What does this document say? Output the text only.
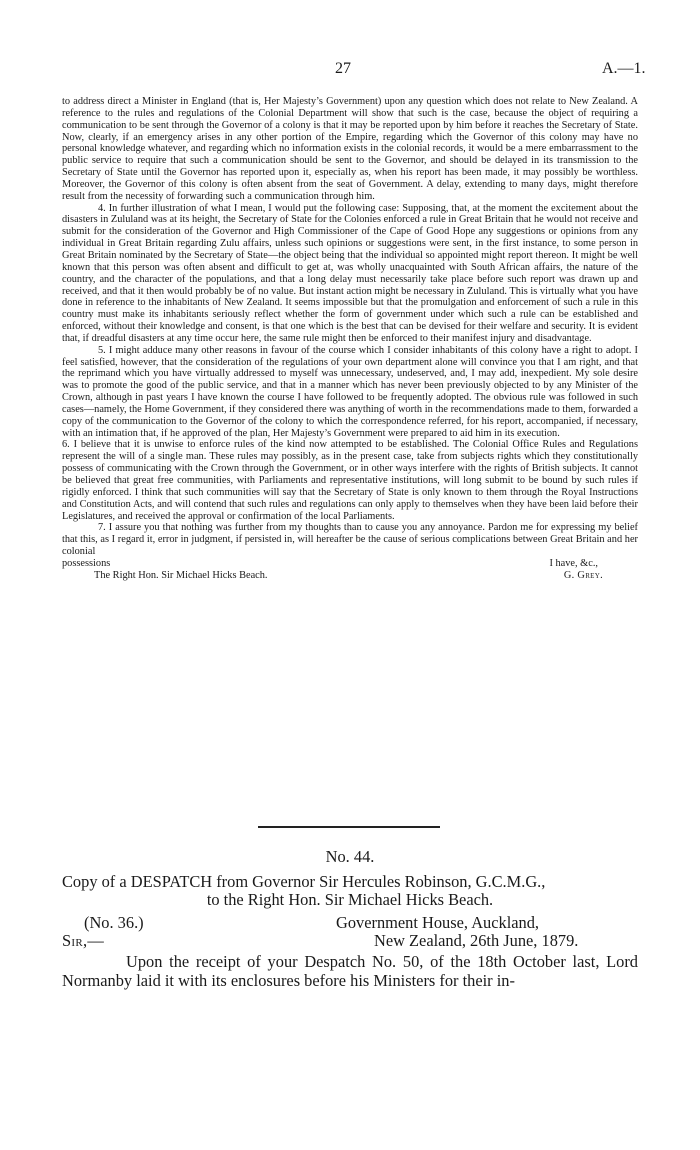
27	A.—1.

to address direct a Minister in England (that is, Her Majesty’s Government) upon any question which does not relate to New Zealand. A reference to the rules and regulations of the Colonial Department will show that such is the case, because the object of requiring a communication to be sent through the Governor of a colony is that it may be reported upon by him before it reaches the Secretary of State. Now, clearly, if an emergency arises in any other portion of the Empire, regarding which the Governor of this colony may have no personal knowledge whatever, and regarding which no information exists in the colonial records, it would be a mere embarrassment to the public service to require that such a communication should be sent to the Governor, and should be delayed in its transmission to the Secretary of State until the Governor has reported upon it, especially as, when his report has been made, it may possibly be worthless. Moreover, the Governor of this colony is often absent from the seat of Government. A delay, extending to many days, might therefore result from the necessity of forwarding such a communication through him.

4. In further illustration of what I mean, I would put the following case: Supposing, that, at the moment the excitement about the disasters in Zululand was at its height, the Secretary of State for the Colonies enforced a rule in Great Britain that he would not receive and submit for the consideration of the Governor and High Commissioner of the Cape of Good Hope any suggestions or opinions from any individual in Great Britain regarding Zulu affairs, unless such opinions or suggestions were sent, in the first instance, to some person in Great Britain nominated by the Secretary of State—the object being that the individual so appointed might report thereon. It might be well known that this person was often absent and difficult to get at, was wholly unacquainted with South African affairs, the nature of the country, and the character of the populations, and that a long delay must necessarily take place before such report was drawn up and received, and that it then would probably be of no value. But instant action might be necessary in Zululand. This is virtually what you have done in reference to the inhabitants of New Zealand. It seems impossible but that the promulgation and enforcement of such a rule in this country must make its inhabitants seriously reflect whether the form of government under which such a rule can be established and enforced, without their knowledge and consent, is that one which is the best that can be devised for their welfare and security. It is evident that, if dreadful disasters at any time occur here, the same rule might then be enforced to their manifest injury and disadvantage.

5. I might adduce many other reasons in favour of the course which I consider inhabitants of this colony have a right to adopt. I feel satisfied, however, that the consideration of the regulations of your own department alone will convince you that I am right, and that the reprimand which you have virtually addressed to myself was unnecessary, undeserved, and, I may add, inexpedient. My sole desire was to promote the good of the public service, and that in a manner which has never been previously objected to by any Minister of the Crown, although in past years I have known the course I have followed to be frequently adopted. The obvious rule was followed in such cases—namely, the Home Government, if they considered there was anything of worth in the recommendations made to them, forwarded a copy of the communication to the Governor of the colony to which the correspondence referred, for his report, accompanied, if necessary, with an intimation that, if he approved of the plan, Her Majesty’s Government were prepared to aid him in its execution.

6. I believe that it is unwise to enforce rules of the kind now attempted to be established. The Colonial Office Rules and Regulations represent the will of a single man. These rules may possibly, as in the present case, take from subjects rights which they constitutionally possess of communicating with the Crown through the Government, or in other ways interfere with the rights of British subjects. It cannot be believed that great free communities, with Parliaments and representative institutions, will long submit to be bound by such rules if rigidly enforced. I think that such communities will say that the Secretary of State is only known to them through the Royal Instructions and Constitution Acts, and will contend that such rules and regulations can only apply to themselves when they have been laid before their Legislatures, and received the approval or confirmation of the local Parliaments.

7. I assure you that nothing was further from my thoughts than to cause you any annoyance. Pardon me for expressing my belief that this, as I regard it, error in judgment, if persisted in, will hereafter be the cause of serious complications between Great Britain and her colonial

possessions	I have, &c.,
The Right Hon. Sir Michael Hicks Beach.	G. Grey.
No. 44.
Copy of a DESPATCH from Governor Sir Hercules Robinson, G.C.M.G.,
to the Right Hon. Sir Michael Hicks Beach.
(No. 36.)	Government House, Auckland,
Sir,—	New Zealand, 26th June, 1879.
Upon the receipt of your Despatch No. 50, of the 18th October last, Lord Normanby laid it with its enclosures before his Ministers for their in-
